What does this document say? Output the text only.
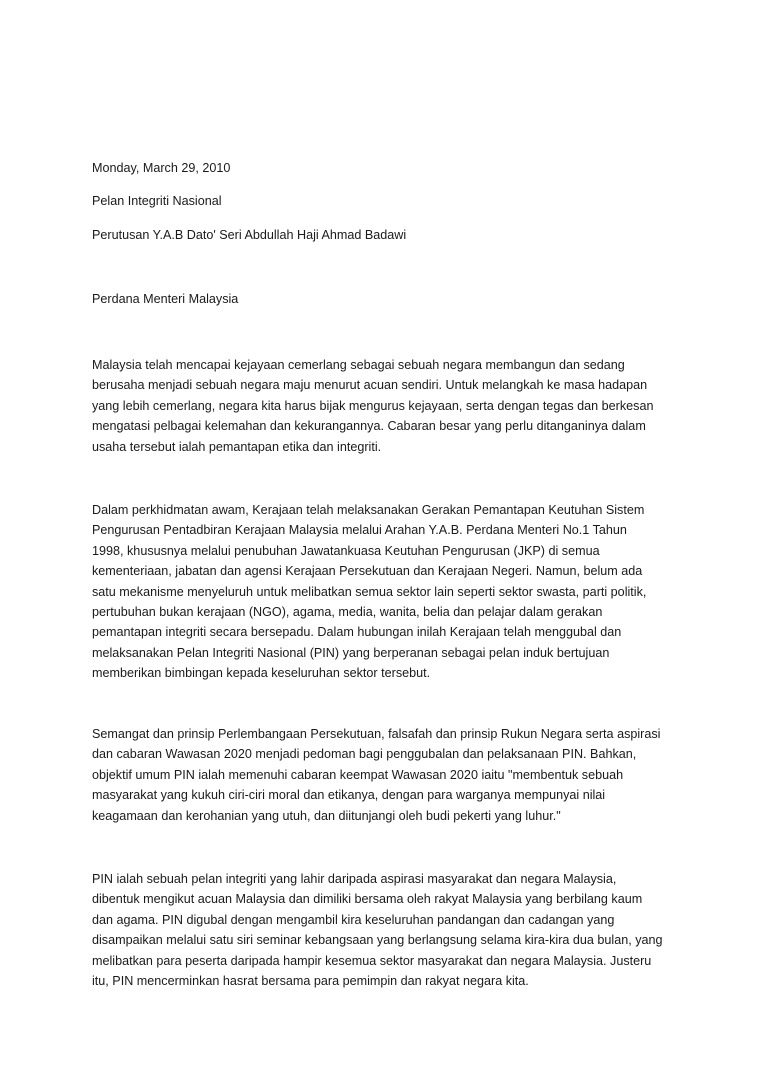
Monday, March 29, 2010

Pelan Integriti Nasional

Perutusan Y.A.B Dato' Seri Abdullah Haji Ahmad Badawi

Perdana Menteri Malaysia

Malaysia telah mencapai kejayaan cemerlang sebagai sebuah negara membangun dan sedang
berusaha menjadi sebuah negara maju menurut acuan sendiri. Untuk melangkah ke masa hadapan
yang lebih cemerlang, negara kita harus bijak mengurus kejayaan, serta dengan tegas dan berkesan
mengatasi pelbagai kelemahan dan kekurangannya. Cabaran besar yang perlu ditanganinya dalam
usaha tersebut ialah pemantapan etika dan integriti.
Dalam perkhidmatan awam, Kerajaan telah melaksanakan Gerakan Pemantapan Keutuhan Sistem
Pengurusan Pentadbiran Kerajaan Malaysia melalui Arahan Y.A.B. Perdana Menteri No.1 Tahun
1998, khususnya melalui penubuhan Jawatankuasa Keutuhan Pengurusan (JKP) di semua
kementeriaan, jabatan dan agensi Kerajaan Persekutuan dan Kerajaan Negeri. Namun, belum ada
satu mekanisme menyeluruh untuk melibatkan semua sektor lain seperti sektor swasta, parti politik,
pertubuhan bukan kerajaan (NGO), agama, media, wanita, belia dan pelajar dalam gerakan
pemantapan integriti secara bersepadu. Dalam hubungan inilah Kerajaan telah menggubal dan
melaksanakan Pelan Integriti Nasional (PIN) yang berperanan sebagai pelan induk bertujuan
memberikan bimbingan kepada keseluruhan sektor tersebut.
Semangat dan prinsip Perlembangaan Persekutuan, falsafah dan prinsip Rukun Negara serta aspirasi
dan cabaran Wawasan 2020 menjadi pedoman bagi penggubalan dan pelaksanaan PIN. Bahkan,
objektif umum PIN ialah memenuhi cabaran keempat Wawasan 2020 iaitu "membentuk sebuah
masyarakat yang kukuh ciri-ciri moral dan etikanya, dengan para warganya mempunyai nilai
keagamaan dan kerohanian yang utuh, dan diitunjangi oleh budi pekerti yang luhur."
PIN ialah sebuah pelan integriti yang lahir daripada aspirasi masyarakat dan negara Malaysia,
dibentuk mengikut acuan Malaysia dan dimiliki bersama oleh rakyat Malaysia yang berbilang kaum
dan agama. PIN digubal dengan mengambil kira keseluruhan pandangan dan cadangan yang
disampaikan melalui satu siri seminar kebangsaan yang berlangsung selama kira-kira dua bulan, yang
melibatkan para peserta daripada hampir kesemua sektor masyarakat dan negara Malaysia. Justeru
itu, PIN mencerminkan hasrat bersama para pemimpin dan rakyat negara kita.
